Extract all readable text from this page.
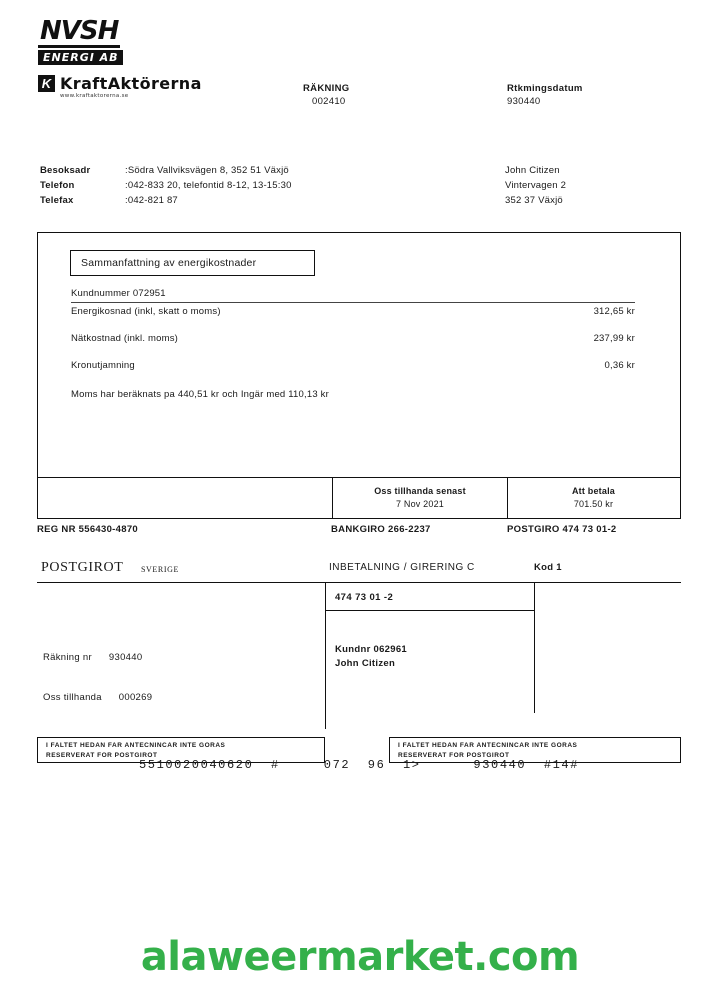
NVSH ENERGI AB
K KraftAktörerna
www.kraftaktorerna.se
RÄKNING
002410
Rtkmingsdatum
930440
Besoksadr	:Södra Vallviksvägen 8, 352 51 Växjö
Telefon	:042-833 20, telefontid 8-12, 13-15:30
Telefax	:042-821 87
John Citizen
Vintervagen 2
352 37 Växjö
Sammanfattning av energikostnader
Kundnummer 072951
Energikosnad (inkl, skatt o moms)	312,65 kr
Nätkostnad (inkl. moms)	237,99 kr
Kronutjamning	0,36 kr
Moms har beräknats pa 440,51 kr och Ingär med 110,13 kr
Oss tillhanda senast
7 Nov 2021
Att betala
701.50 kr
REG NR 556430-4870	BANKGIRO 266-2237	POSTGIRO 474 73 01-2
POSTGIROT SVERIGE	INBETALNING / GIRERING C	Kod 1
474 73 01 -2
Räkning nr 930440
Oss tillhanda 000269
Kundnr 062961
John Citizen
I FALTET HEDAN FAR ANTECNINCAR INTE GORAS
RESERVERAT FOR POSTGIROT
I FALTET HEDAN FAR ANTECNINCAR INTE GORAS
RESERVERAT FOR POSTGIROT
5510020040620  #     072  96  1>      930440  #14#
alaweermarket.com
